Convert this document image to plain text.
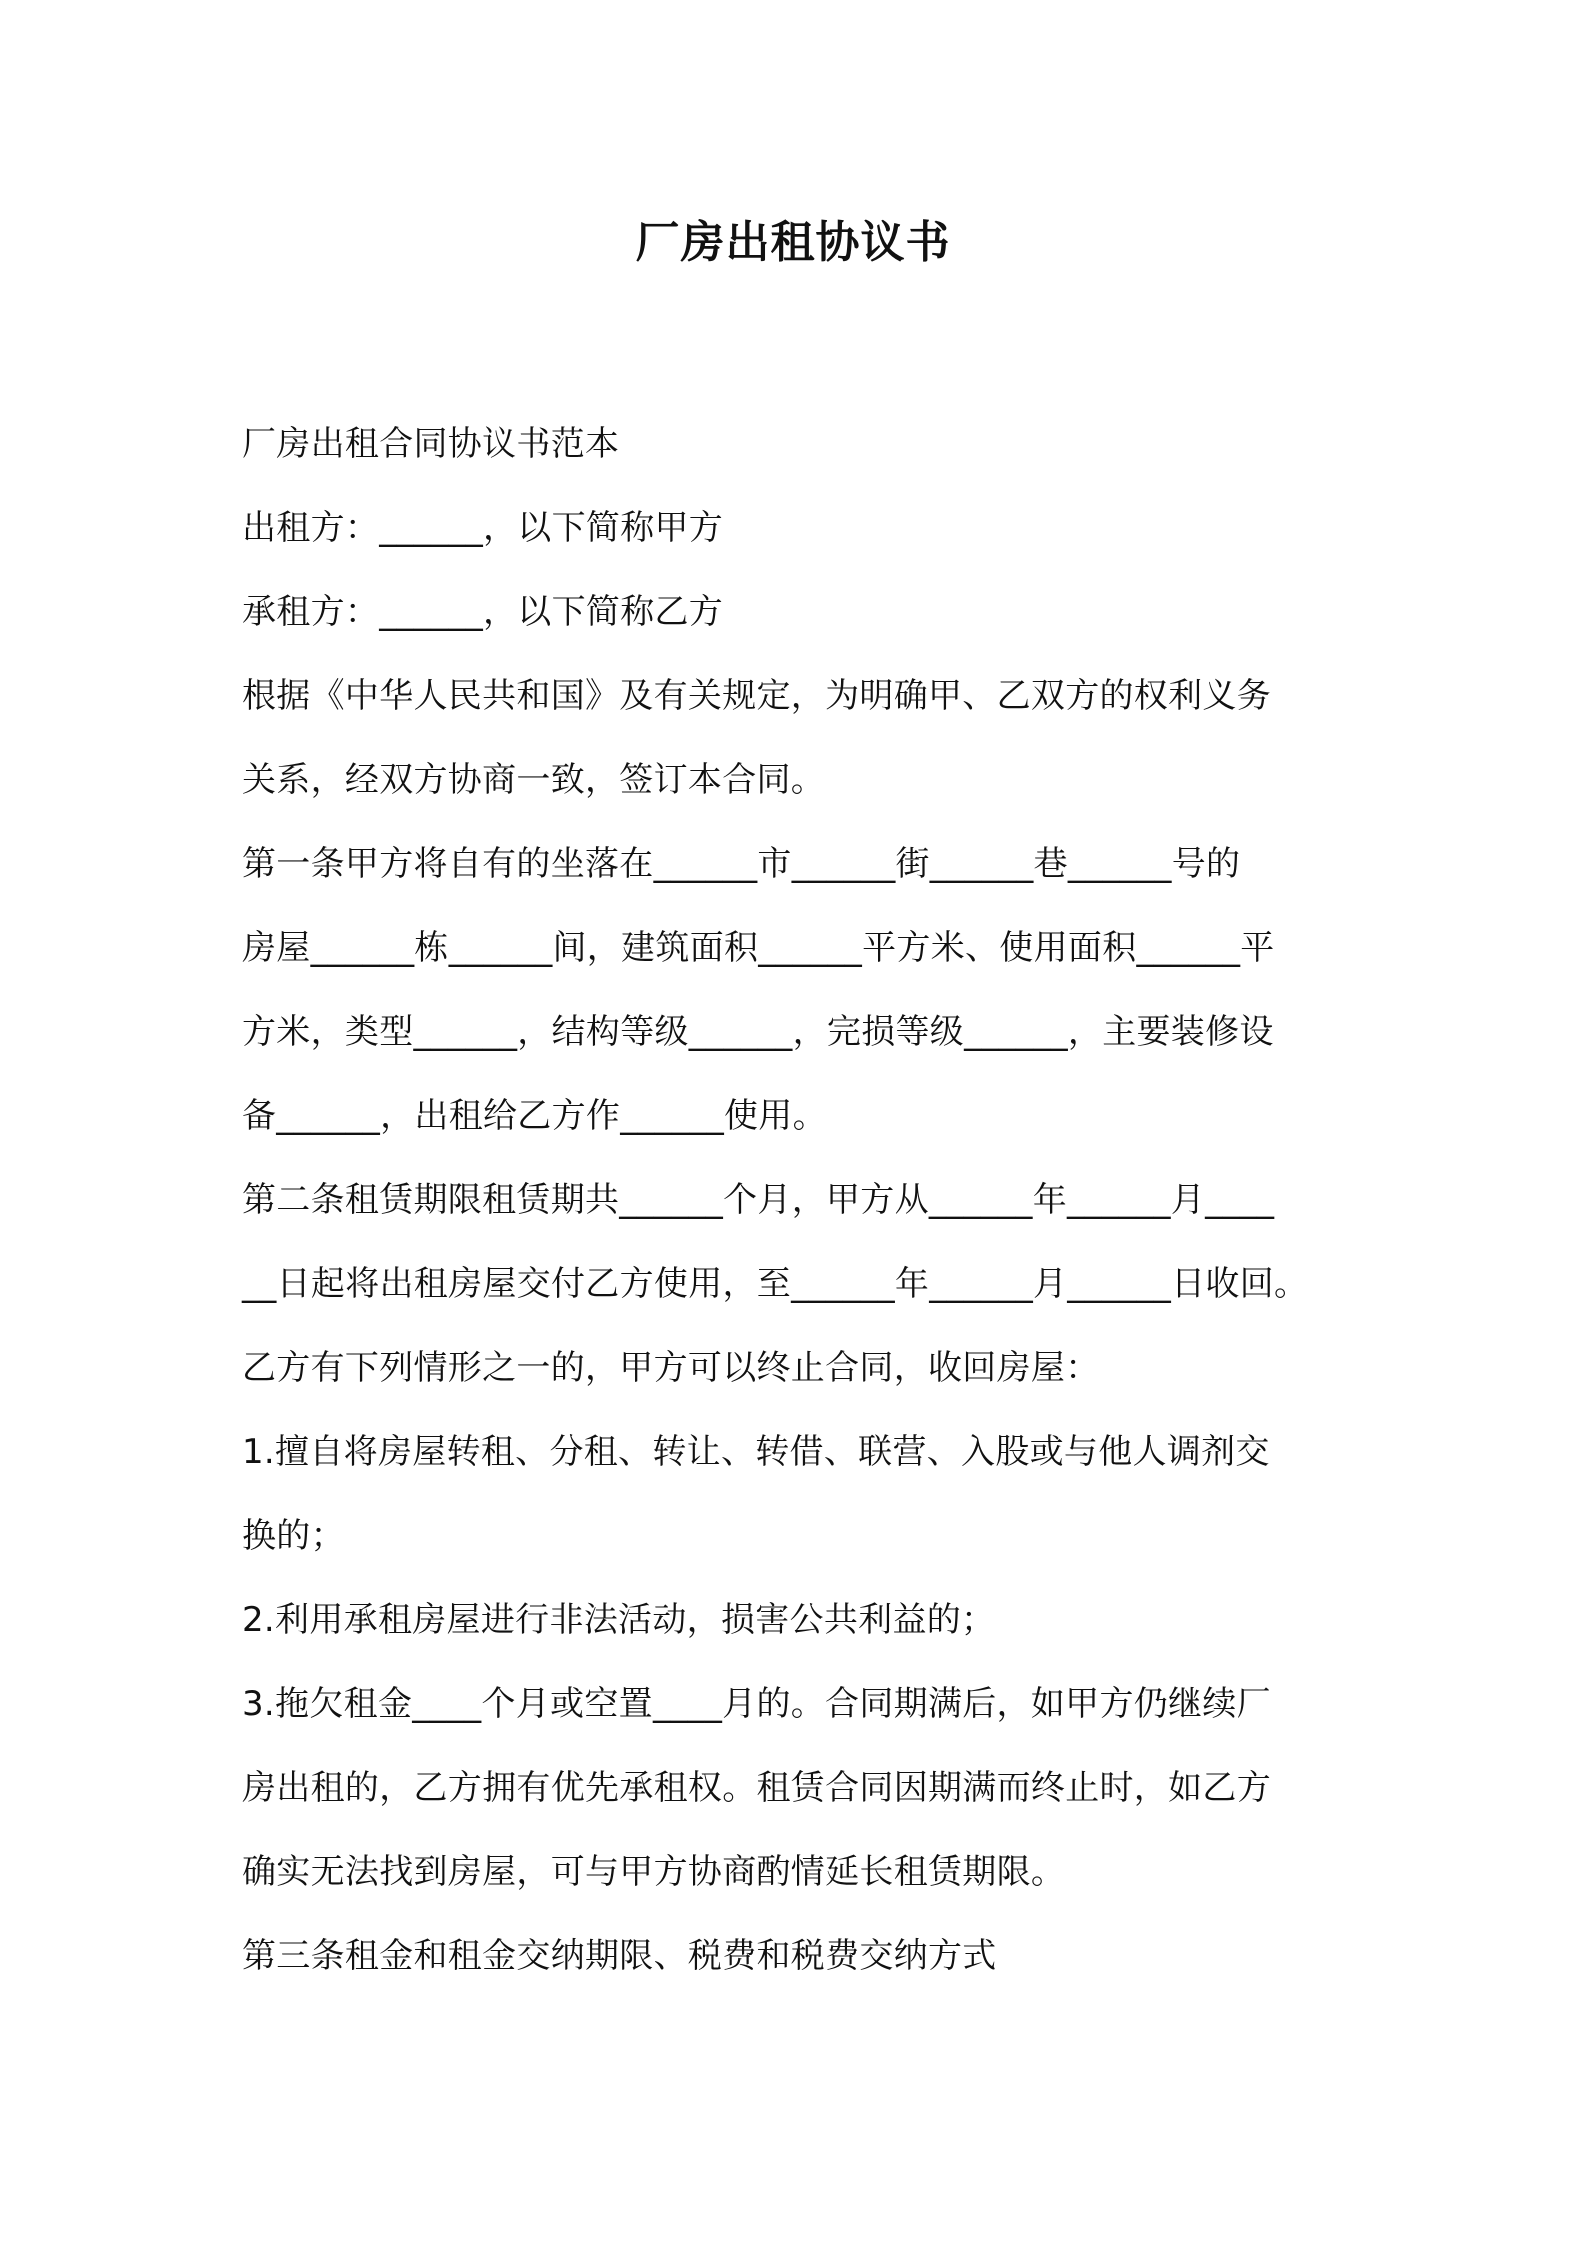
厂房出租协议书

厂房出租合同协议书范本

出租方：______，以下简称甲方

承租方：______，以下简称乙方

根据《中华人民共和国》及有关规定，为明确甲、乙双方的权利义务

关系，经双方协商一致，签订本合同。

第一条甲方将自有的坐落在______市______街______巷______号的

房屋______栋______间，建筑面积______平方米、使用面积______平

方米，类型______，结构等级______，完损等级______，主要装修设

备______，出租给乙方作______使用。

第二条租赁期限租赁期共______个月，甲方从______年______月____

__日起将出租房屋交付乙方使用，至______年______月______日收回。

乙方有下列情形之一的，甲方可以终止合同，收回房屋：

1.擅自将房屋转租、分租、转让、转借、联营、入股或与他人调剂交

换的；

2.利用承租房屋进行非法活动，损害公共利益的；

3.拖欠租金____个月或空置____月的。合同期满后，如甲方仍继续厂

房出租的，乙方拥有优先承租权。租赁合同因期满而终止时，如乙方

确实无法找到房屋，可与甲方协商酌情延长租赁期限。

第三条租金和租金交纳期限、税费和税费交纳方式
